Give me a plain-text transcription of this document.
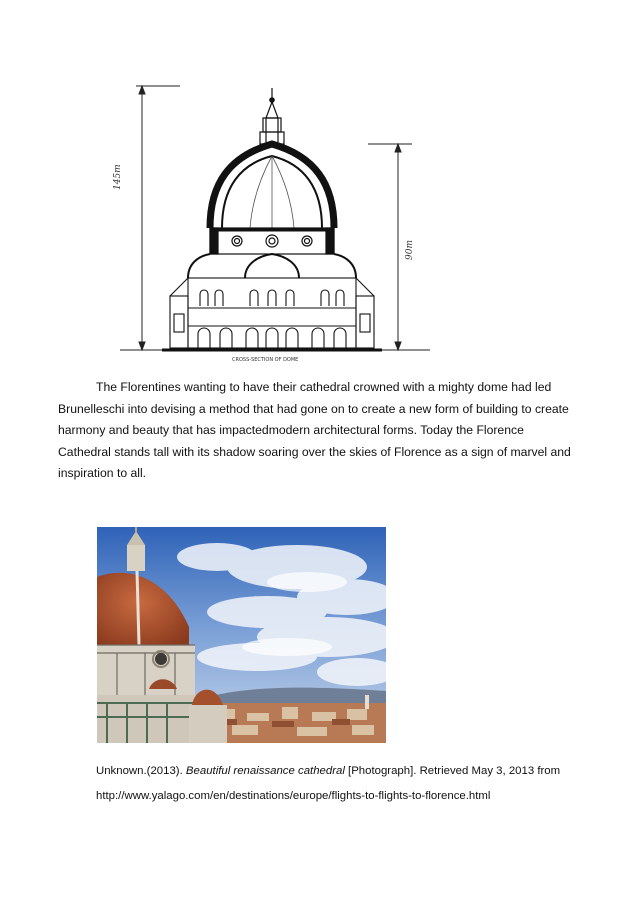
145m
90m
CROSS-SECTION OF DOME
The Florentines wanting to have their cathedral crowned with a mighty dome had led Brunelleschi into devising a method that had gone on to create a new form of building to create harmony and beauty that has impactedmodern architectural forms. Today the Florence Cathedral stands tall with its shadow soaring over the skies of Florence as a sign of marvel and inspiration to all.
Unknown.(2013). Beautiful renaissance cathedral [Photograph]. Retrieved May 3, 2013 from
http://www.yalago.com/en/destinations/europe/flights-to-flights-to-florence.html
